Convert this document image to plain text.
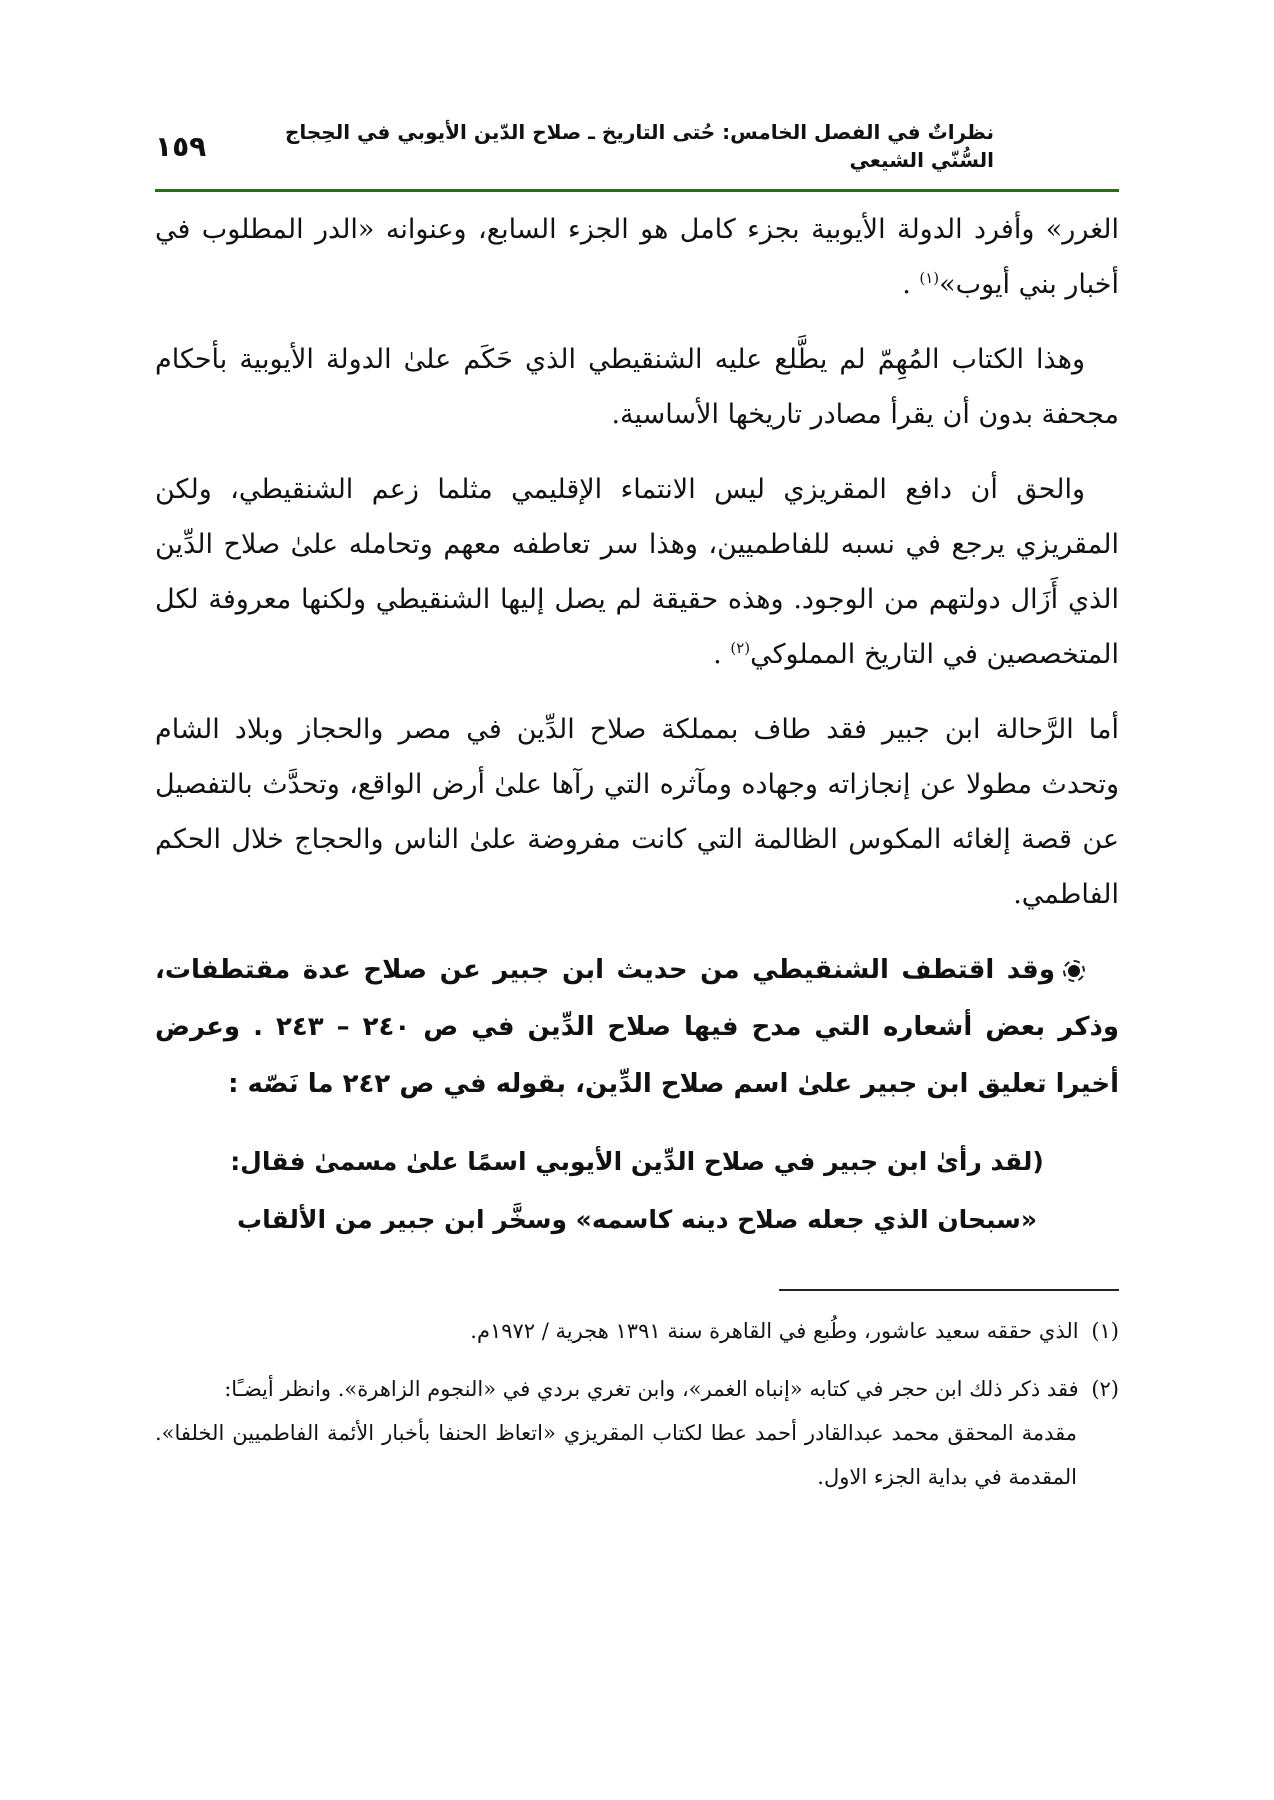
نظراتٌ في الفصل الخامس: حُتى التاريخ ـ صلاح الدّين الأيوبي في الحِجاج السُّنّي الشيعي
١٥٩

الغرر» وأفرد الدولة الأيوبية بجزء كامل هو الجزء السابع، وعنوانه «الدر المطلوب في أخبار بني أيوب»$^{(١)}$ .

وهذا الكتاب المُهِمّ لم يطَّلع عليه الشنقيطي الذي حَكَم علىٰ الدولة الأيوبية بأحكام مجحفة بدون أن يقرأ مصادر تاريخها الأساسية.

والحق أن دافع المقريزي ليس الانتماء الإقليمي مثلما زعم الشنقيطي، ولكن المقريزي يرجع في نسبه للفاطميين، وهذا سر تعاطفه معهم وتحامله علىٰ صلاح الدِّين الذي أَزَال دولتهم من الوجود. وهذه حقيقة لم يصل إليها الشنقيطي ولكنها معروفة لكل المتخصصين في التاريخ المملوكي$^{(٢)}$ .

أما الرَّحالة ابن جبير فقد طاف بمملكة صلاح الدِّين في مصر والحجاز وبلاد الشام وتحدث مطولا عن إنجازاته وجهاده ومآثره التي رآها علىٰ أرض الواقع، وتحدَّث بالتفصيل عن قصة إلغائه المكوس الظالمة التي كانت مفروضة علىٰ الناس والحجاج خلال الحكم الفاطمي.

وقد اقتطف الشنقيطي من حديث ابن جبير عن صلاح عدة مقتطفات، وذكر بعض أشعاره التي مدح فيها صلاح الدِّين في ص ٢٤٠ – ٢٤٣ . وعرض أخيرا تعليق ابن جبير علىٰ اسم صلاح الدِّين، بقوله في ص ٢٤٢ ما نَصّه :

(لقد رأىٰ ابن جبير في صلاح الدِّين الأيوبي اسمًا علىٰ مسمىٰ فقال:
«سبحان الذي جعله صلاح دينه كاسمه» وسخَّر ابن جبير من الألقاب
(١) الذي حققه سعيد عاشور، وطُبع في القاهرة سنة ١٣٩١ هجرية / ١٩٧٢م.
(٢) فقد ذكر ذلك ابن حجر في كتابه «إنباه الغمر»، وابن تغري بردي في «النجوم الزاهرة». وانظر أيضـًا:
مقدمة المحقق محمد عبدالقادر أحمد عطا لكتاب المقريزي «اتعاظ الحنفا بأخبار الأئمة الفاطميين الخلفا». المقدمة في بداية الجزء الاول.
